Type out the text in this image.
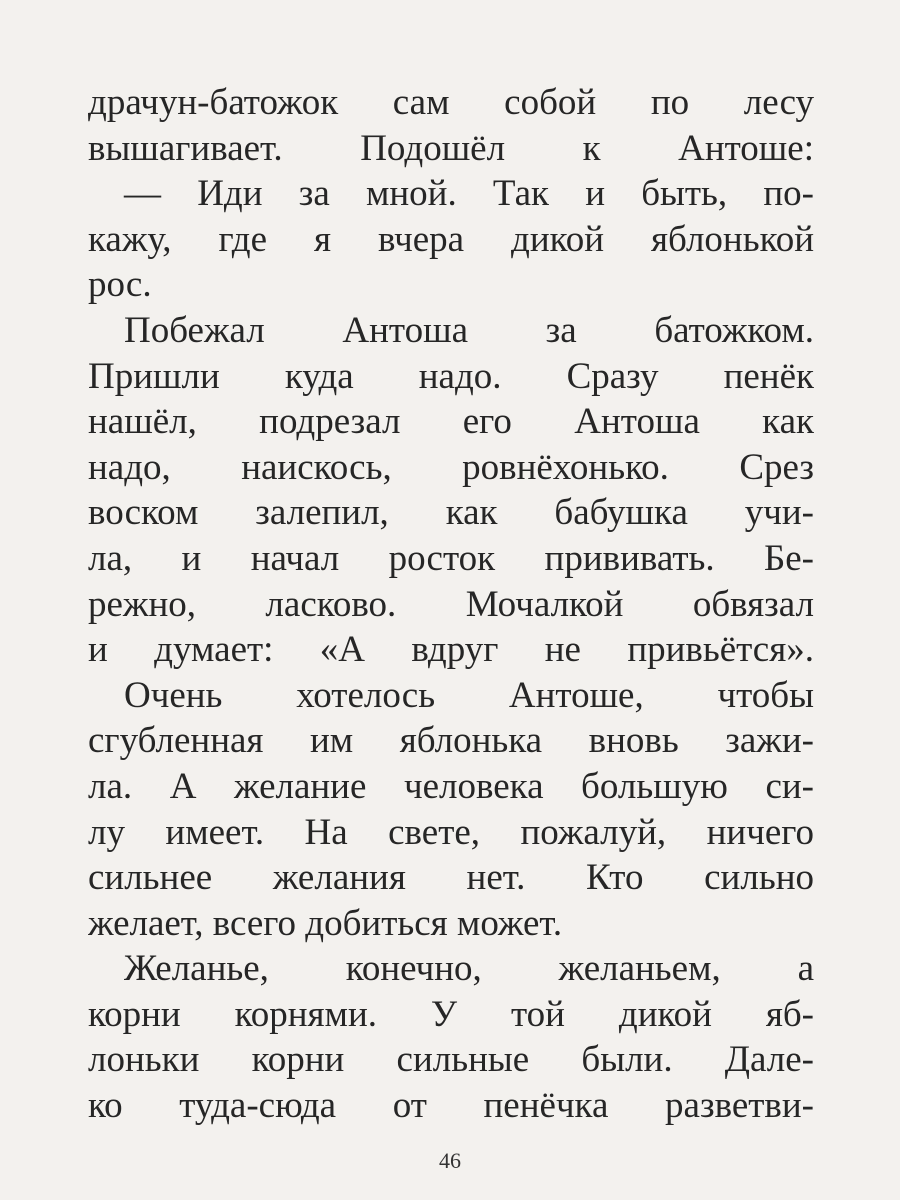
драчун-батожок сам собой по лесу
вышагивает. Подошёл к Антоше:
— Иди за мной. Так и быть, по-
кажу, где я вчера дикой яблонькой
рос.
Побежал Антоша за батожком.
Пришли куда надо. Сразу пенёк
нашёл, подрезал его Антоша как
надо, наискось, ровнёхонько. Срез
воском залепил, как бабушка учи-
ла, и начал росток прививать. Бе-
режно, ласково. Мочалкой обвязал
и думает: «А вдруг не привьётся».
Очень хотелось Антоше, чтобы
сгубленная им яблонька вновь зажи-
ла. А желание человека большую си-
лу имеет. На свете, пожалуй, ничего
сильнее желания нет. Кто сильно
желает, всего добиться может.
Желанье, конечно, желаньем, а
корни корнями. У той дикой яб-
лоньки корни сильные были. Дале-
ко туда-сюда от пенёчка разветви-
46
